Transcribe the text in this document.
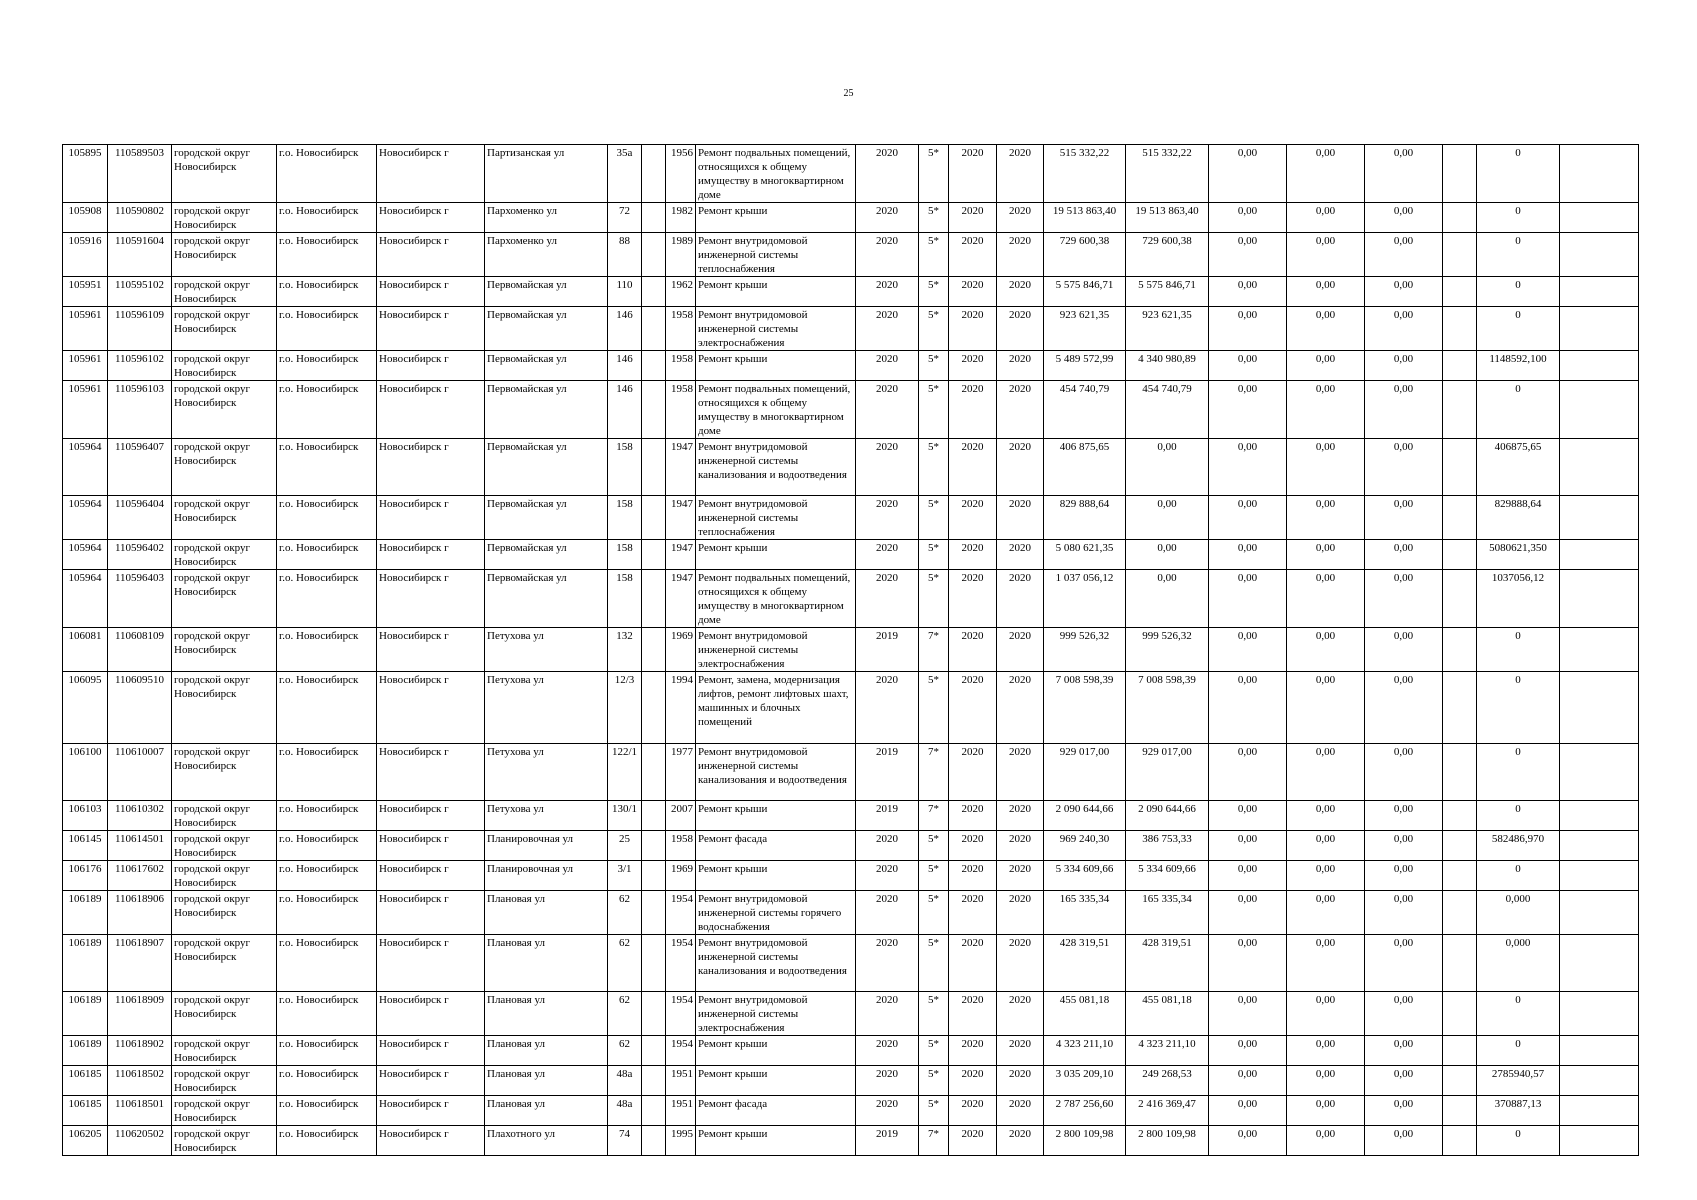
25
105895	110589503	городской округ Новосибирск	г.о. Новосибирск	Новосибирск г	Партизанская ул	35а		1956	Ремонт подвальных помещений, относящихся к общему имуществу в многоквартирном доме	2020	5*	2020	2020	515 332,22	515 332,22	0,00	0,00	0,00		0	
105908	110590802	городской округ Новосибирск	г.о. Новосибирск	Новосибирск г	Пархоменко ул	72		1982	Ремонт крыши	2020	5*	2020	2020	19 513 863,40	19 513 863,40	0,00	0,00	0,00		0	
105916	110591604	городской округ Новосибирск	г.о. Новосибирск	Новосибирск г	Пархоменко ул	88		1989	Ремонт внутридомовой инженерной системы теплоснабжения	2020	5*	2020	2020	729 600,38	729 600,38	0,00	0,00	0,00		0	
105951	110595102	городской округ Новосибирск	г.о. Новосибирск	Новосибирск г	Первомайская ул	110		1962	Ремонт крыши	2020	5*	2020	2020	5 575 846,71	5 575 846,71	0,00	0,00	0,00		0	
105961	110596109	городской округ Новосибирск	г.о. Новосибирск	Новосибирск г	Первомайская ул	146		1958	Ремонт внутридомовой инженерной системы электроснабжения	2020	5*	2020	2020	923 621,35	923 621,35	0,00	0,00	0,00		0	
105961	110596102	городской округ Новосибирск	г.о. Новосибирск	Новосибирск г	Первомайская ул	146		1958	Ремонт крыши	2020	5*	2020	2020	5 489 572,99	4 340 980,89	0,00	0,00	0,00		1148592,100	
105961	110596103	городской округ Новосибирск	г.о. Новосибирск	Новосибирск г	Первомайская ул	146		1958	Ремонт подвальных помещений, относящихся к общему имуществу в многоквартирном доме	2020	5*	2020	2020	454 740,79	454 740,79	0,00	0,00	0,00		0	
105964	110596407	городской округ Новосибирск	г.о. Новосибирск	Новосибирск г	Первомайская ул	158		1947	Ремонт внутридомовой инженерной системы канализования и водоотведения	2020	5*	2020	2020	406 875,65	0,00	0,00	0,00	0,00		406875,65	
105964	110596404	городской округ Новосибирск	г.о. Новосибирск	Новосибирск г	Первомайская ул	158		1947	Ремонт внутридомовой инженерной системы теплоснабжения	2020	5*	2020	2020	829 888,64	0,00	0,00	0,00	0,00		829888,64	
105964	110596402	городской округ Новосибирск	г.о. Новосибирск	Новосибирск г	Первомайская ул	158		1947	Ремонт крыши	2020	5*	2020	2020	5 080 621,35	0,00	0,00	0,00	0,00		5080621,350	
105964	110596403	городской округ Новосибирск	г.о. Новосибирск	Новосибирск г	Первомайская ул	158		1947	Ремонт подвальных помещений, относящихся к общему имуществу в многоквартирном доме	2020	5*	2020	2020	1 037 056,12	0,00	0,00	0,00	0,00		1037056,12	
106081	110608109	городской округ Новосибирск	г.о. Новосибирск	Новосибирск г	Петухова ул	132		1969	Ремонт внутридомовой инженерной системы электроснабжения	2019	7*	2020	2020	999 526,32	999 526,32	0,00	0,00	0,00		0	
106095	110609510	городской округ Новосибирск	г.о. Новосибирск	Новосибирск г	Петухова ул	12/3		1994	Ремонт, замена, модернизация лифтов, ремонт лифтовых шахт, машинных и блочных помещений	2020	5*	2020	2020	7 008 598,39	7 008 598,39	0,00	0,00	0,00		0	
106100	110610007	городской округ Новосибирск	г.о. Новосибирск	Новосибирск г	Петухова ул	122/1		1977	Ремонт внутридомовой инженерной системы канализования и водоотведения	2019	7*	2020	2020	929 017,00	929 017,00	0,00	0,00	0,00		0	
106103	110610302	городской округ Новосибирск	г.о. Новосибирск	Новосибирск г	Петухова ул	130/1		2007	Ремонт крыши	2019	7*	2020	2020	2 090 644,66	2 090 644,66	0,00	0,00	0,00		0	
106145	110614501	городской округ Новосибирск	г.о. Новосибирск	Новосибирск г	Планировочная ул	25		1958	Ремонт фасада	2020	5*	2020	2020	969 240,30	386 753,33	0,00	0,00	0,00		582486,970	
106176	110617602	городской округ Новосибирск	г.о. Новосибирск	Новосибирск г	Планировочная ул	3/1		1969	Ремонт крыши	2020	5*	2020	2020	5 334 609,66	5 334 609,66	0,00	0,00	0,00		0	
106189	110618906	городской округ Новосибирск	г.о. Новосибирск	Новосибирск г	Плановая ул	62		1954	Ремонт внутридомовой инженерной системы горячего водоснабжения	2020	5*	2020	2020	165 335,34	165 335,34	0,00	0,00	0,00		0,000	
106189	110618907	городской округ Новосибирск	г.о. Новосибирск	Новосибирск г	Плановая ул	62		1954	Ремонт внутридомовой инженерной системы канализования и водоотведения	2020	5*	2020	2020	428 319,51	428 319,51	0,00	0,00	0,00		0,000	
106189	110618909	городской округ Новосибирск	г.о. Новосибирск	Новосибирск г	Плановая ул	62		1954	Ремонт внутридомовой инженерной системы электроснабжения	2020	5*	2020	2020	455 081,18	455 081,18	0,00	0,00	0,00		0	
106189	110618902	городской округ Новосибирск	г.о. Новосибирск	Новосибирск г	Плановая ул	62		1954	Ремонт крыши	2020	5*	2020	2020	4 323 211,10	4 323 211,10	0,00	0,00	0,00		0	
106185	110618502	городской округ Новосибирск	г.о. Новосибирск	Новосибирск г	Плановая ул	48а		1951	Ремонт крыши	2020	5*	2020	2020	3 035 209,10	249 268,53	0,00	0,00	0,00		2785940,57	
106185	110618501	городской округ Новосибирск	г.о. Новосибирск	Новосибирск г	Плановая ул	48а		1951	Ремонт фасада	2020	5*	2020	2020	2 787 256,60	2 416 369,47	0,00	0,00	0,00		370887,13	
106205	110620502	городской округ Новосибирск	г.о. Новосибирск	Новосибирск г	Плахотного ул	74		1995	Ремонт крыши	2019	7*	2020	2020	2 800 109,98	2 800 109,98	0,00	0,00	0,00		0	
